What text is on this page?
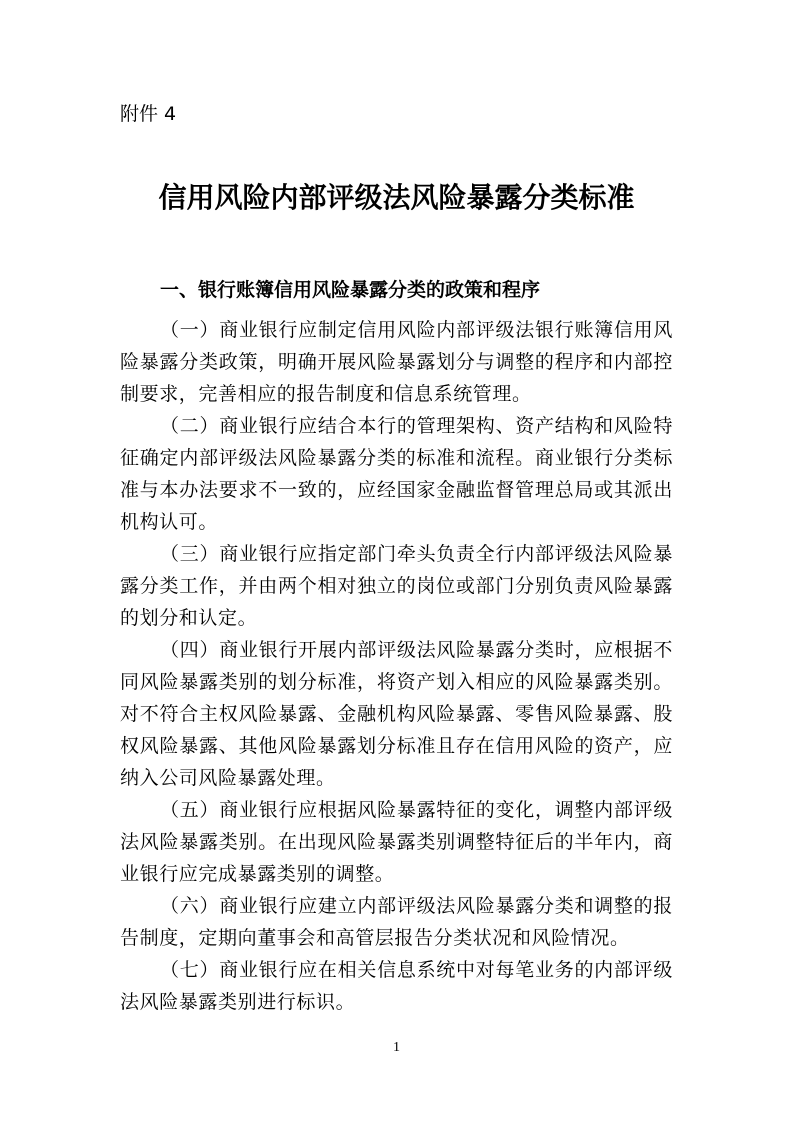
附件 4
信用风险内部评级法风险暴露分类标准
一、银行账簿信用风险暴露分类的政策和程序

（一）商业银行应制定信用风险内部评级法银行账簿信用风险暴露分类政策，明确开展风险暴露划分与调整的程序和内部控制要求，完善相应的报告制度和信息系统管理。

（二）商业银行应结合本行的管理架构、资产结构和风险特征确定内部评级法风险暴露分类的标准和流程。商业银行分类标准与本办法要求不一致的，应经国家金融监督管理总局或其派出机构认可。

（三）商业银行应指定部门牵头负责全行内部评级法风险暴露分类工作，并由两个相对独立的岗位或部门分别负责风险暴露的划分和认定。

（四）商业银行开展内部评级法风险暴露分类时，应根据不同风险暴露类别的划分标准，将资产划入相应的风险暴露类别。对不符合主权风险暴露、金融机构风险暴露、零售风险暴露、股权风险暴露、其他风险暴露划分标准且存在信用风险的资产，应纳入公司风险暴露处理。

（五）商业银行应根据风险暴露特征的变化，调整内部评级法风险暴露类别。在出现风险暴露类别调整特征后的半年内，商业银行应完成暴露类别的调整。

（六）商业银行应建立内部评级法风险暴露分类和调整的报告制度，定期向董事会和高管层报告分类状况和风险情况。

（七）商业银行应在相关信息系统中对每笔业务的内部评级法风险暴露类别进行标识。

1
